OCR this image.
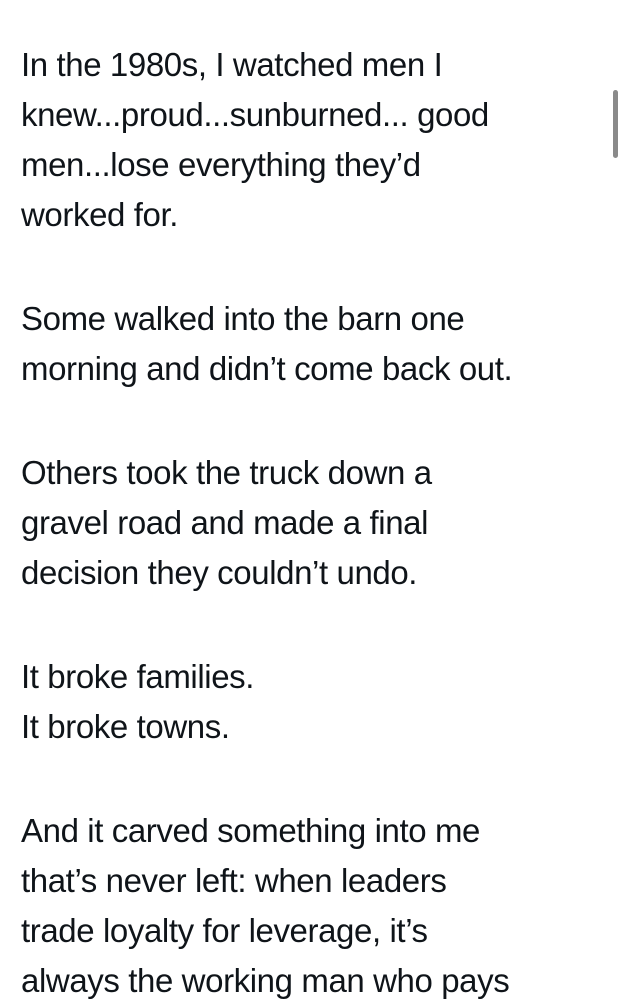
In the 1980s, I watched men I
knew...proud...sunburned... good
men...lose everything they’d
worked for.
Some walked into the barn one
morning and didn’t come back out.
Others took the truck down a
gravel road and made a final
decision they couldn’t undo.
It broke families.
It broke towns.
And it carved something into me
that’s never left: when leaders
trade loyalty for leverage, it’s
always the working man who pays
